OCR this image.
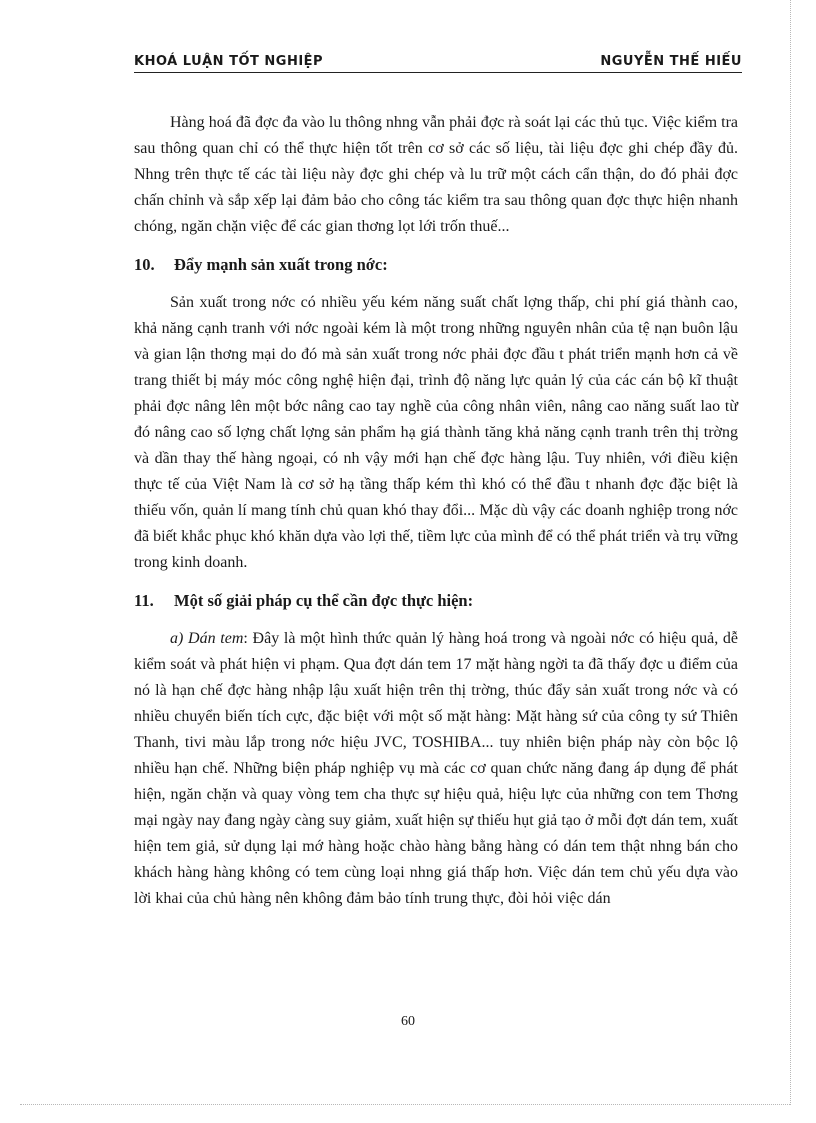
KHOÁ LUẬN TỐT NGHIỆP	NGUYỄN THẾ HIẾU

Hàng hoá đã đợc đa vào lu thông nhng vẫn phải đợc rà soát lại các thủ tục. Việc kiểm tra sau thông quan chỉ có thể thực hiện tốt trên cơ sở các số liệu, tài liệu đợc ghi chép đầy đủ. Nhng trên thực tế các tài liệu này đợc ghi chép và lu trữ một cách cẩn thận, do đó phải đợc chấn chỉnh và sắp xếp lại đảm bảo cho công tác kiểm tra sau thông quan đợc thực hiện nhanh chóng, ngăn chặn việc để các gian thơng lọt lới trốn thuế...

10. Đẩy mạnh sản xuất trong nớc:

Sản xuất trong nớc có nhiều yếu kém năng suất chất lợng thấp, chi phí giá thành cao, khả năng cạnh tranh với nớc ngoài kém là một trong những nguyên nhân của tệ nạn buôn lậu và gian lận thơng mại do đó mà sản xuất trong nớc phải đợc đầu t phát triển mạnh hơn cả về trang thiết bị máy móc công nghệ hiện đại, trình độ năng lực quản lý của các cán bộ kĩ thuật phải đợc nâng lên một bớc nâng cao tay nghề của công nhân viên, nâng cao năng suất lao từ đó nâng cao số lợng chất lợng sản phẩm hạ giá thành tăng khả năng cạnh tranh trên thị trờng và dần thay thế hàng ngoại, có nh vậy mới hạn chế đợc hàng lậu. Tuy nhiên, với điều kiện thực tế của Việt Nam là cơ sở hạ tầng thấp kém thì khó có thể đầu t nhanh đợc đặc biệt là thiếu vốn, quản lí mang tính chủ quan khó thay đổi... Mặc dù vậy các doanh nghiệp trong nớc đã biết khắc phục khó khăn dựa vào lợi thế, tiềm lực của mình để có thể phát triển và trụ vững trong kinh doanh.

11. Một số giải pháp cụ thể cần đợc thực hiện:

a) Dán tem: Đây là một hình thức quản lý hàng hoá trong và ngoài nớc có hiệu quả, dễ kiểm soát và phát hiện vi phạm. Qua đợt dán tem 17 mặt hàng ngời ta đã thấy đợc u điểm của nó là hạn chế đợc hàng nhập lậu xuất hiện trên thị trờng, thúc đẩy sản xuất trong nớc và có nhiều chuyển biến tích cực, đặc biệt với một số mặt hàng: Mặt hàng sứ của công ty sứ Thiên Thanh, tivi màu lắp trong nớc hiệu JVC, TOSHIBA... tuy nhiên biện pháp này còn bộc lộ nhiều hạn chế. Những biện pháp nghiệp vụ mà các cơ quan chức năng đang áp dụng để phát hiện, ngăn chặn và quay vòng tem cha thực sự hiệu quả, hiệu lực của những con tem Thơng mại ngày nay đang ngày càng suy giảm, xuất hiện sự thiếu hụt giả tạo ở mỗi đợt dán tem, xuất hiện tem giả, sử dụng lại mớ hàng hoặc chào hàng bằng hàng có dán tem thật nhng bán cho khách hàng hàng không có tem cùng loại nhng giá thấp hơn. Việc dán tem chủ yếu dựa vào lời khai của chủ hàng nên không đảm bảo tính trung thực, đòi hỏi việc dán

60
